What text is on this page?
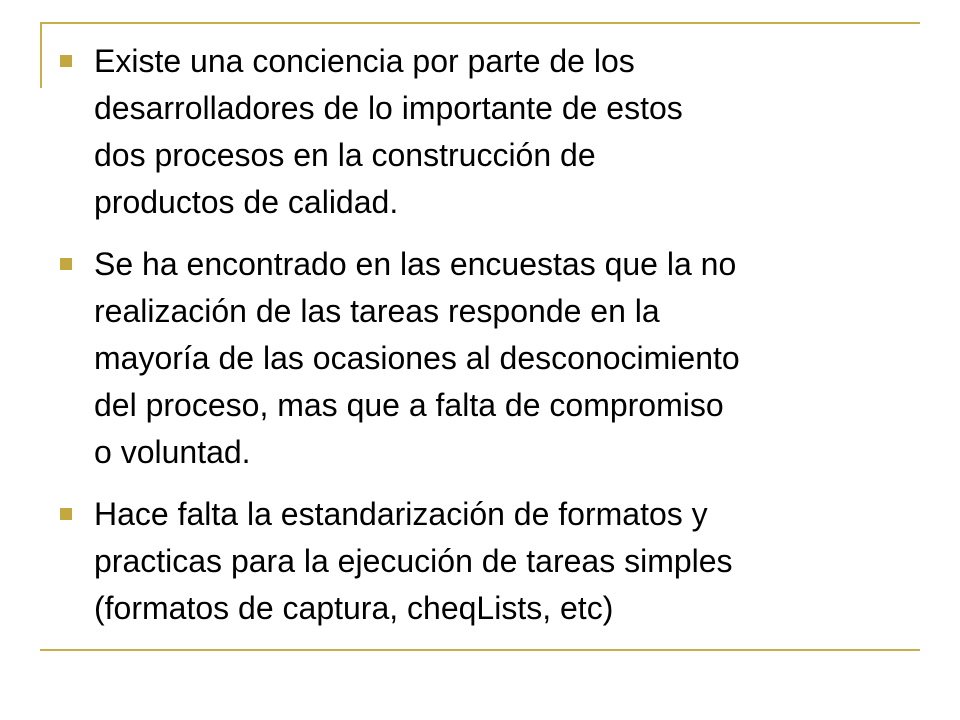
Existe una conciencia por parte de los
desarrolladores de lo importante de estos
dos procesos en la construcción de
productos de calidad.
Se ha encontrado en las encuestas que la no
realización de las tareas responde en la
mayoría de las ocasiones al desconocimiento
del proceso, mas que a falta de compromiso
o voluntad.
Hace falta la estandarización de formatos y
practicas para la ejecución de tareas simples
(formatos de captura, cheqLists, etc)
